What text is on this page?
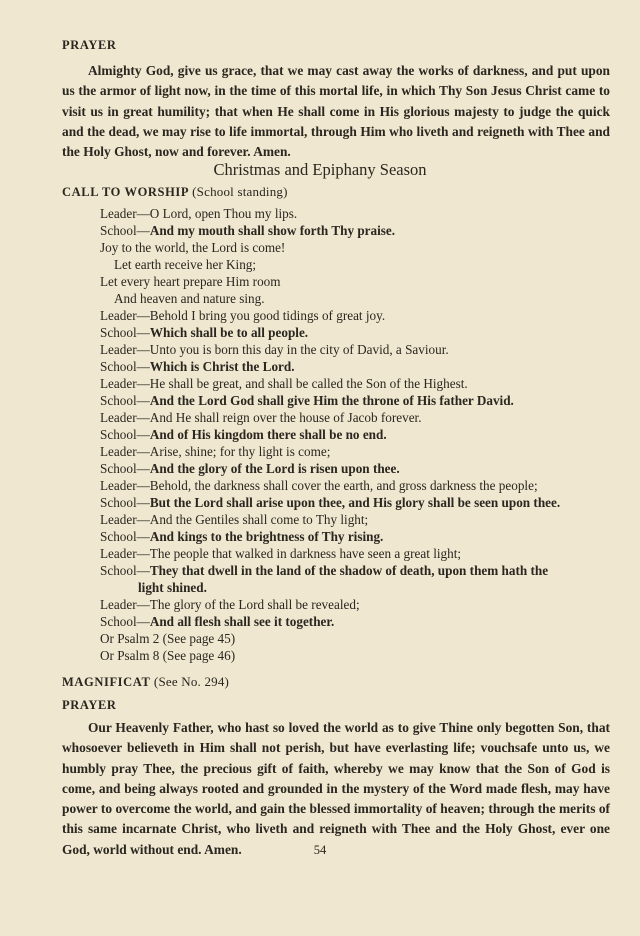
PRAYER
Almighty God, give us grace, that we may cast away the works of darkness, and put upon us the armor of light now, in the time of this mortal life, in which Thy Son Jesus Christ came to visit us in great humility; that when He shall come in His glorious majesty to judge the quick and the dead, we may rise to life immortal, through Him who liveth and reigneth with Thee and the Holy Ghost, now and forever. Amen.
Christmas and Epiphany Season
CALL TO WORSHIP (School standing)
Leader—O Lord, open Thou my lips.
School—And my mouth shall show forth Thy praise.
Joy to the world, the Lord is come!
Let earth receive her King;
Let every heart prepare Him room
And heaven and nature sing.
Leader—Behold I bring you good tidings of great joy.
School—Which shall be to all people.
Leader—Unto you is born this day in the city of David, a Saviour.
School—Which is Christ the Lord.
Leader—He shall be great, and shall be called the Son of the Highest.
School—And the Lord God shall give Him the throne of His father David.
Leader—And He shall reign over the house of Jacob forever.
School—And of His kingdom there shall be no end.
Leader—Arise, shine; for thy light is come;
School—And the glory of the Lord is risen upon thee.
Leader—Behold, the darkness shall cover the earth, and gross darkness the people;
School—But the Lord shall arise upon thee, and His glory shall be seen upon thee.
Leader—And the Gentiles shall come to Thy light;
School—And kings to the brightness of Thy rising.
Leader—The people that walked in darkness have seen a great light;
School—They that dwell in the land of the shadow of death, upon them hath the
light shined.
Leader—The glory of the Lord shall be revealed;
School—And all flesh shall see it together.
Or Psalm 2 (See page 45)
Or Psalm 8 (See page 46)
MAGNIFICAT (See No. 294)
PRAYER
Our Heavenly Father, who hast so loved the world as to give Thine only begotten Son, that whosoever believeth in Him shall not perish, but have everlasting life; vouchsafe unto us, we humbly pray Thee, the precious gift of faith, whereby we may know that the Son of God is come, and being always rooted and grounded in the mystery of the Word made flesh, may have power to overcome the world, and gain the blessed immortality of heaven; through the merits of this same incarnate Christ, who liveth and reigneth with Thee and the Holy Ghost, ever one God, world without end. Amen.	54
